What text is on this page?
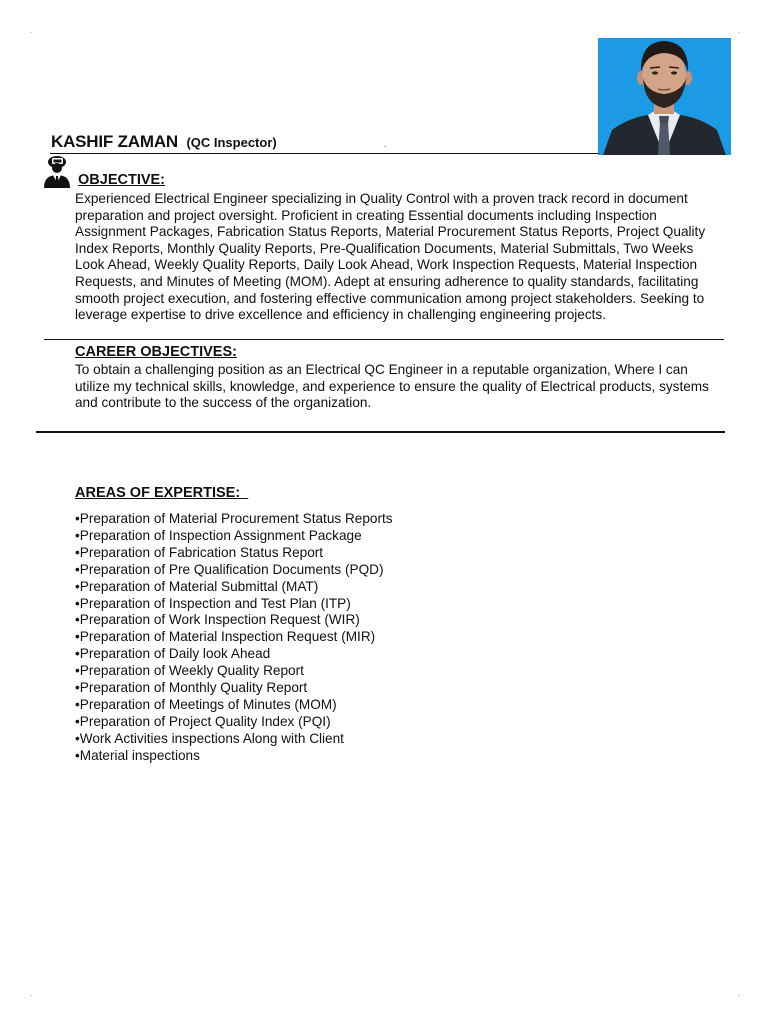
.	.
.	.
KASHIF ZAMAN (QC Inspector)	.
OBJECTIVE:

Experienced Electrical Engineer specializing in Quality Control with a proven track record in document preparation and project oversight. Proficient in creating Essential documents including Inspection Assignment Packages, Fabrication Status Reports, Material Procurement Status Reports, Project Quality Index Reports, Monthly Quality Reports, Pre-Qualification Documents, Material Submittals, Two Weeks Look Ahead, Weekly Quality Reports, Daily Look Ahead, Work Inspection Requests, Material Inspection Requests, and Minutes of Meeting (MOM). Adept at ensuring adherence to quality standards, facilitating smooth project execution, and fostering effective communication among project stakeholders. Seeking to leverage expertise to drive excellence and efficiency in challenging engineering projects.

CAREER OBJECTIVES:

To obtain a challenging position as an Electrical QC Engineer in a reputable organization, Where I can utilize my technical skills, knowledge, and experience to ensure the quality of Electrical products, systems and contribute to the success of the organization.

AREAS OF EXPERTISE:
•Preparation of Material Procurement Status Reports
•Preparation of Inspection Assignment Package
•Preparation of Fabrication Status Report
•Preparation of Pre Qualification Documents (PQD)
•Preparation of Material Submittal (MAT)
•Preparation of Inspection and Test Plan (ITP)
•Preparation of Work Inspection Request (WIR)
•Preparation of Material Inspection Request (MIR)
•Preparation of Daily look Ahead
•Preparation of Weekly Quality Report
•Preparation of Monthly Quality Report
•Preparation of Meetings of Minutes (MOM)
•Preparation of Project Quality Index (PQI)
•Work Activities inspections Along with Client
•Material inspections
